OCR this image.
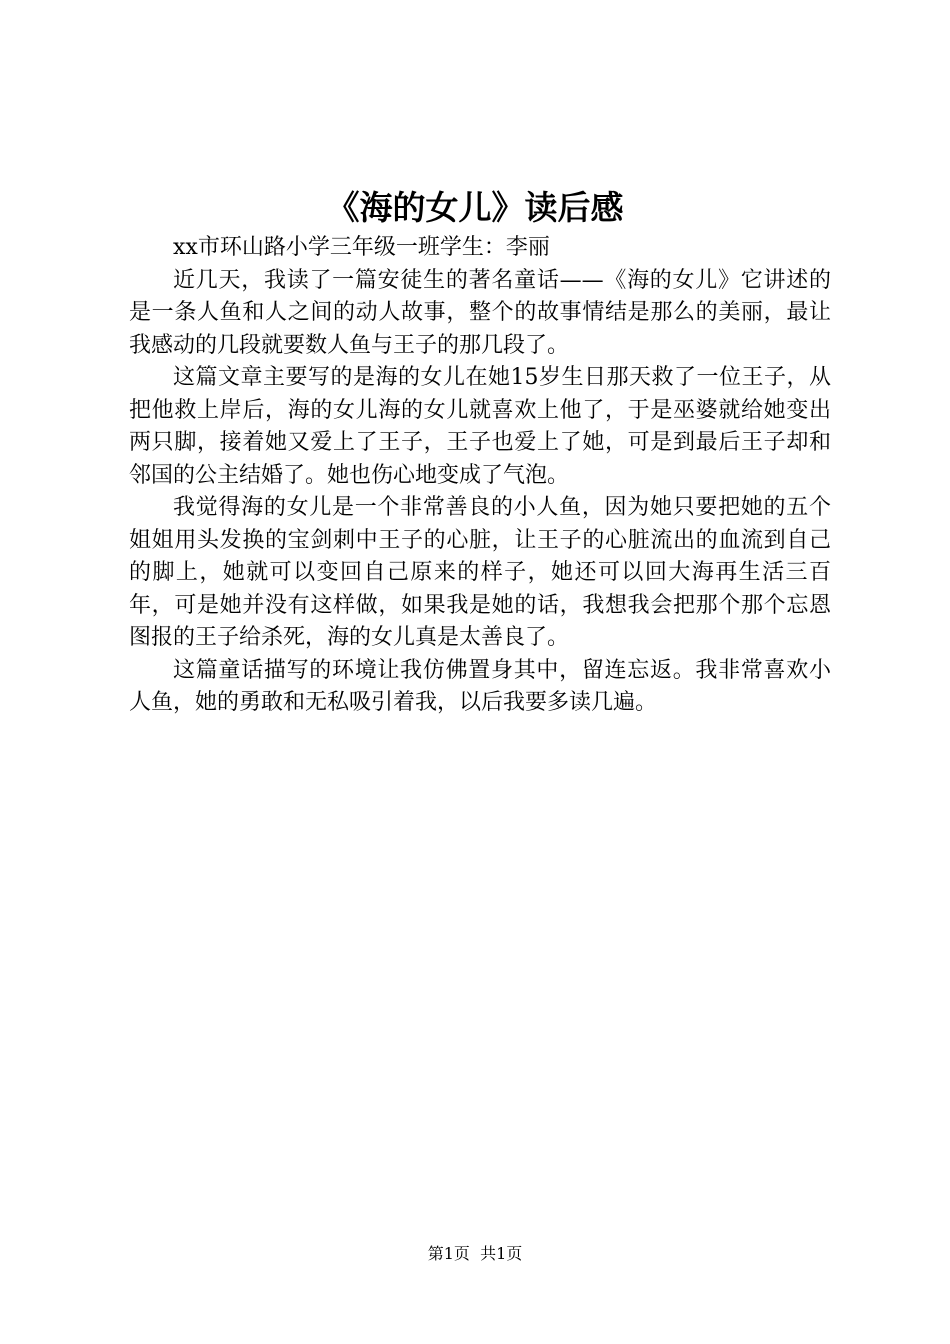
《海的女儿》读后感

xx市环山路小学三年级一班学生：李丽

近几天，我读了一篇安徒生的著名童话——《海的女儿》它讲述的是一条人鱼和人之间的动人故事，整个的故事情结是那么的美丽，最让我感动的几段就要数人鱼与王子的那几段了。

这篇文章主要写的是海的女儿在她15岁生日那天救了一位王子，从把他救上岸后，海的女儿海的女儿就喜欢上他了，于是巫婆就给她变出两只脚，接着她又爱上了王子，王子也爱上了她，可是到最后王子却和邻国的公主结婚了。她也伤心地变成了气泡。

我觉得海的女儿是一个非常善良的小人鱼，因为她只要把她的五个姐姐用头发换的宝剑刺中王子的心脏，让王子的心脏流出的血流到自己的脚上，她就可以变回自己原来的样子，她还可以回大海再生活三百年，可是她并没有这样做，如果我是她的话，我想我会把那个那个忘恩图报的王子给杀死，海的女儿真是太善良了。

这篇童话描写的环境让我仿佛置身其中，留连忘返。我非常喜欢小人鱼，她的勇敢和无私吸引着我，以后我要多读几遍。

第1页 共1页
